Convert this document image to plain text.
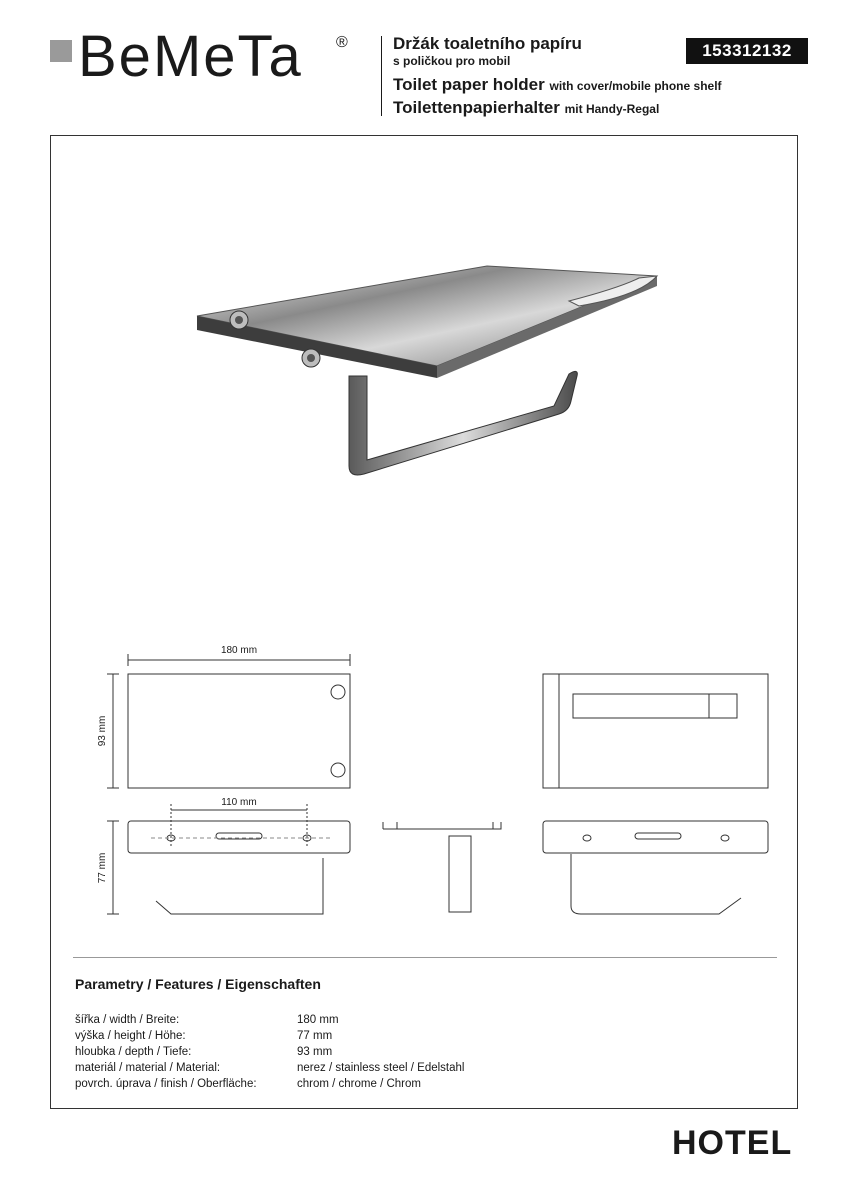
BeMeTa ®	Držák toaletního papíru
s poličkou pro mobil
Toilet paper holder with cover/mobile phone shelf
Toilettenpapierhalter mit Handy-Regal
153312132
180 mm
93 mm
110 mm
77 mm
Parametry / Features / Eigenschaften
šířka / width / Breite:	180 mm
výška / height / Höhe:	77 mm
hloubka / depth / Tiefe:	93 mm
materiál / material / Material:	nerez / stainless steel / Edelstahl
povrch. úprava / finish / Oberfläche:	chrom / chrome / Chrom
HOTEL
